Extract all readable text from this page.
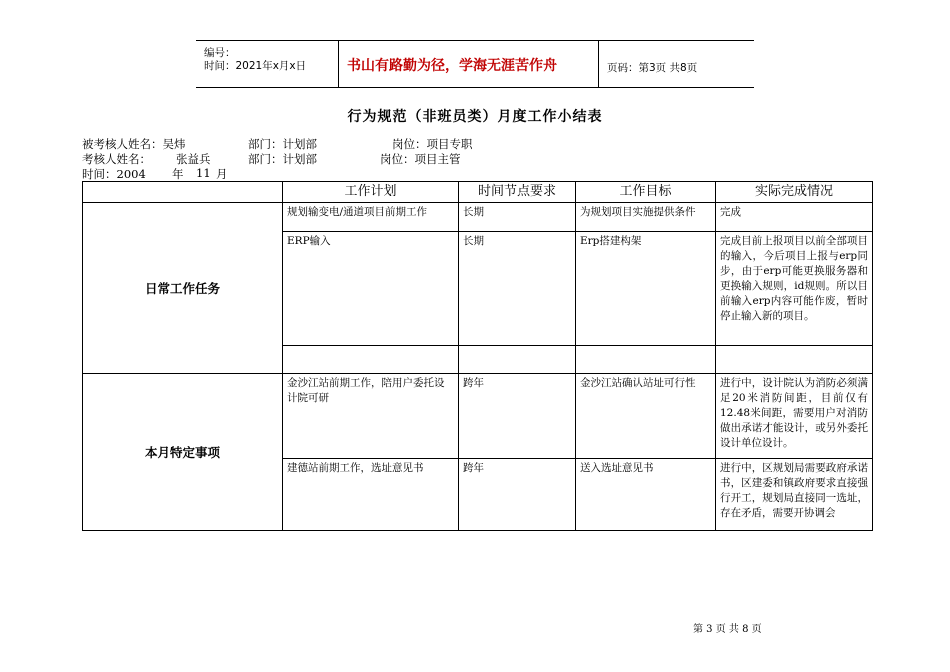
编号：
时间：2021年x月x日	书山有路勤为径，学海无涯苦作舟	页码：第3页 共8页
行为规范（非班员类）月度工作小结表
被考核人姓名：吴炜	部门：计划部	岗位：项目专职
考核人姓名： 张益兵	部门：计划部	岗位：项目主管
时间：2004 年 11 月
	工作计划	时间节点要求	工作目标	实际完成情况
日常工作任务	规划输变电/通道项目前期工作	长期	为规划项目实施提供条件	完成
	ERP输入	长期	Erp搭建构架	完成目前上报项目以前全部项目的输入，今后项目上报与erp同步，由于erp可能更换服务器和更换输入规则，id规则。所以目前输入erp内容可能作废，暂时停止输入新的项目。

本月特定事项	金沙江站前期工作，陪用户委托设计院可研	跨年	金沙江站确认站址可行性	进行中，设计院认为消防必须满足20米消防间距，目前仅有12.48米间距，需要用户对消防做出承诺才能设计，或另外委托设计单位设计。
	建德站前期工作，选址意见书	跨年	送入选址意见书	进行中，区规划局需要政府承诺书，区建委和镇政府要求直接强行开工，规划局直接同一选址，存在矛盾，需要开协调会
第 3 页 共 8 页
